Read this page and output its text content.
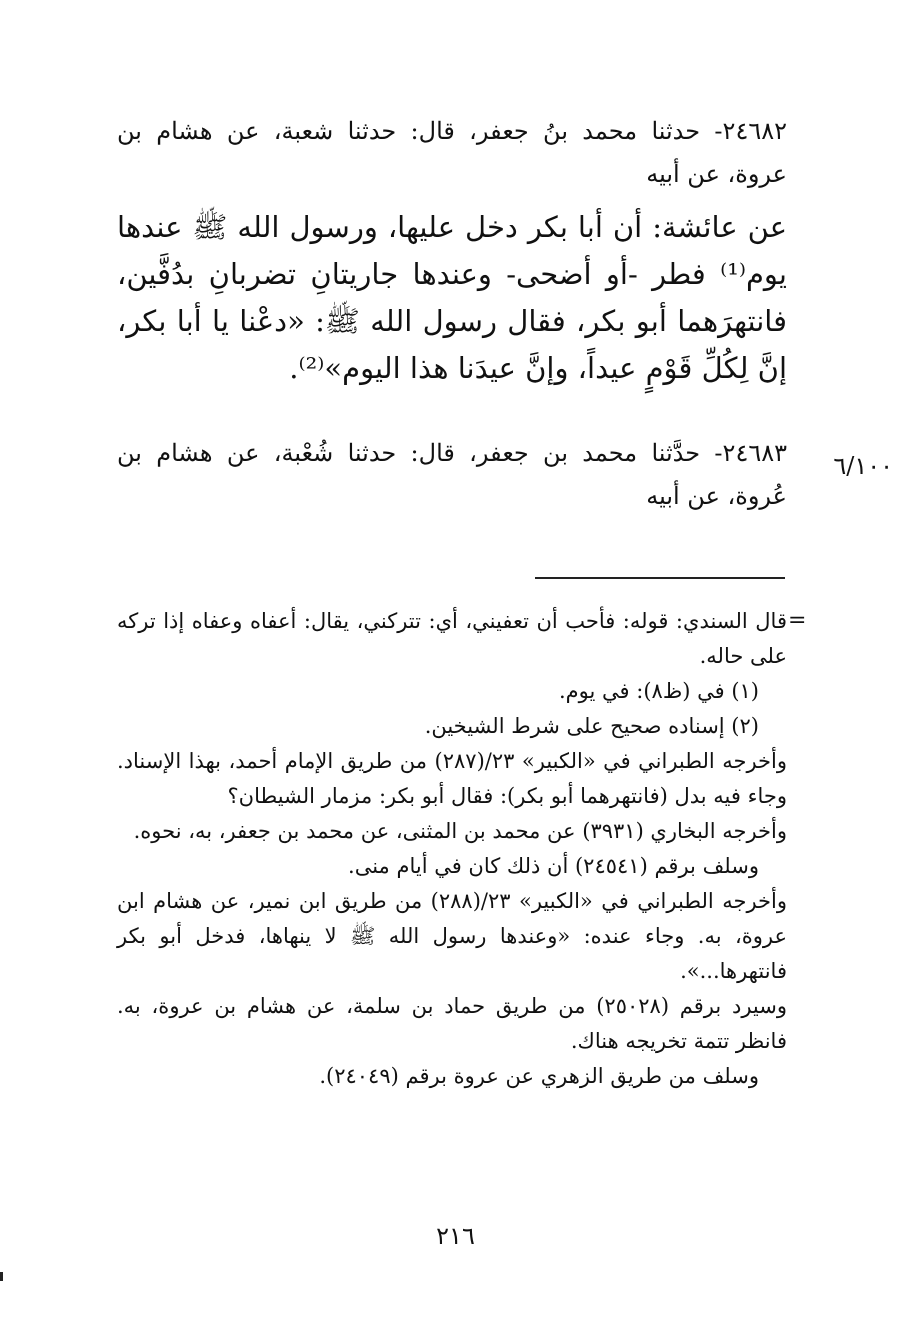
٢٤٦٨٢- حدثنا محمد بنُ جعفر، قال: حدثنا شعبة، عن هشام بن عروة، عن أبيه

عن عائشة: أن أبا بكر دخل عليها، ورسول الله ﷺ عندها يوم⁽¹⁾ فطر -أو أضحى- وعندها جاريتانِ تضربانِ بدُفَّين، فانتهرَهما أبو بكر، فقال رسول الله ﷺ: «دعْنا يا أبا بكر، إنَّ لِكُلِّ قَوْمٍ عيداً، وإنَّ عيدَنا هذا اليوم»⁽²⁾.

٦/١٠٠

٢٤٦٨٣- حدَّثنا محمد بن جعفر، قال: حدثنا شُعْبة، عن هشام بن عُروة، عن أبيه

=

قال السندي: قوله: فأحب أن تعفيني، أي: تتركني، يقال: أعفاه وعفاه إذا تركه على حاله.

(١) في (ظ٨): في يوم.

(٢) إسناده صحيح على شرط الشيخين.

وأخرجه الطبراني في «الكبير» ٢٣/(٢٨٧) من طريق الإمام أحمد، بهذا الإسناد. وجاء فيه بدل (فانتهرهما أبو بكر): فقال أبو بكر: مزمار الشيطان؟

وأخرجه البخاري (٣٩٣١) عن محمد بن المثنى، عن محمد بن جعفر، به، نحوه.

وسلف برقم (٢٤٥٤١) أن ذلك كان في أيام منى.

وأخرجه الطبراني في «الكبير» ٢٣/(٢٨٨) من طريق ابن نمير، عن هشام ابن عروة، به. وجاء عنده: «وعندها رسول الله ﷺ لا ينهاها، فدخل أبو بكر فانتهرها...».

وسيرد برقم (٢٥٠٢٨) من طريق حماد بن سلمة، عن هشام بن عروة، به. فانظر تتمة تخريجه هناك.

وسلف من طريق الزهري عن عروة برقم (٢٤٠٤٩).

٢١٦
